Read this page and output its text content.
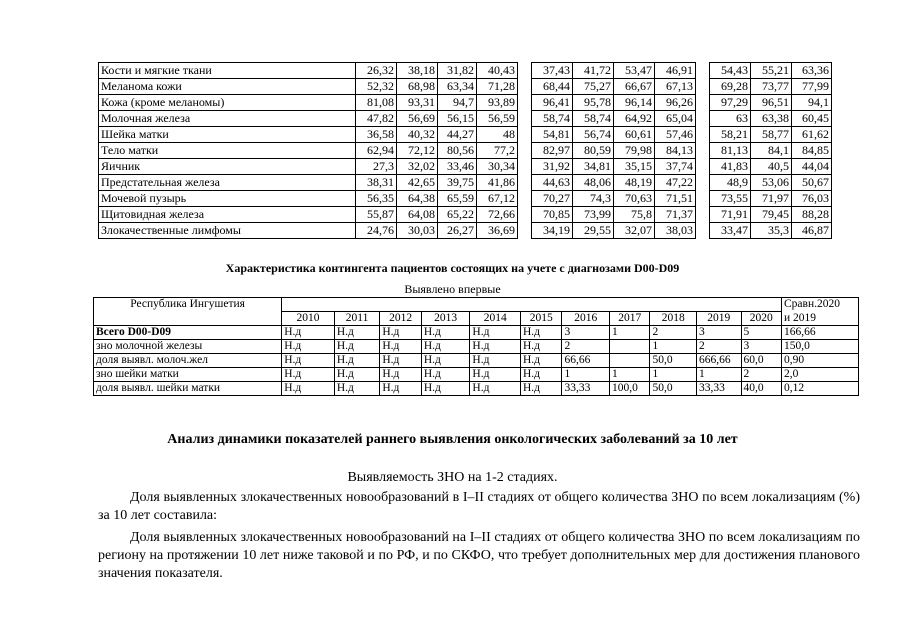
Кости и мягкие ткани	26,32	38,18	31,82	40,43		37,43	41,72	53,47	46,91		54,43	55,21	63,36
Меланома кожи	52,32	68,98	63,34	71,28		68,44	75,27	66,67	67,13		69,28	73,77	77,99
Кожа (кроме меланомы)	81,08	93,31	94,7	93,89		96,41	95,78	96,14	96,26		97,29	96,51	94,1
Молочная железа	47,82	56,69	56,15	56,59		58,74	58,74	64,92	65,04		63	63,38	60,45
Шейка матки	36,58	40,32	44,27	48		54,81	56,74	60,61	57,46		58,21	58,77	61,62
Тело матки	62,94	72,12	80,56	77,2		82,97	80,59	79,98	84,13		81,13	84,1	84,85
Яичник	27,3	32,02	33,46	30,34		31,92	34,81	35,15	37,74		41,83	40,5	44,04
Предстательная железа	38,31	42,65	39,75	41,86		44,63	48,06	48,19	47,22		48,9	53,06	50,67
Мочевой пузырь	56,35	64,38	65,59	67,12		70,27	74,3	70,63	71,51		73,55	71,97	76,03
Щитовидная железа	55,87	64,08	65,22	72,66		70,85	73,99	75,8	71,37		71,91	79,45	88,28
Злокачественные лимфомы	24,76	30,03	26,27	36,69		34,19	29,55	32,07	38,03		33,47	35,3	46,87
Характеристика контингента пациентов состоящих на учете с диагнозами D00-D09
Выявлено впервые
Республика Ингушетия												Сравн.2020
	2010	2011	2012	2013	2014	2015	2016	2017	2018	2019	2020	и 2019
Всего D00-D09	Н.д	Н.д	Н.д	Н.д	Н.д	Н.д	3	1	2	3	5	166,66
зно молочной железы	Н.д	Н.д	Н.д	Н.д	Н.д	Н.д	2		1	2	3	150,0
доля выявл. молоч.жел	Н.д	Н.д	Н.д	Н.д	Н.д	Н.д	66,66		50,0	666,66	60,0	0,90
зно шейки матки	Н.д	Н.д	Н.д	Н.д	Н.д	Н.д	1	1	1	1	2	2,0
доля выявл. шейки матки	Н.д	Н.д	Н.д	Н.д	Н.д	Н.д	33,33	100,0	50,0	33,33	40,0	0,12
Анализ динамики показателей раннего выявления онкологических заболеваний за 10 лет
Выявляемость ЗНО на 1-2 стадиях.
Доля выявленных злокачественных новообразований в I–II стадиях от общего количества ЗНО по всем локализациям (%) за 10 лет составила:
Доля выявленных злокачественных новообразований на I–II стадиях от общего количества ЗНО по всем локализациям по региону на протяжении 10 лет ниже таковой и по РФ, и по СКФО, что требует дополнительных мер для достижения планового значения показателя.
